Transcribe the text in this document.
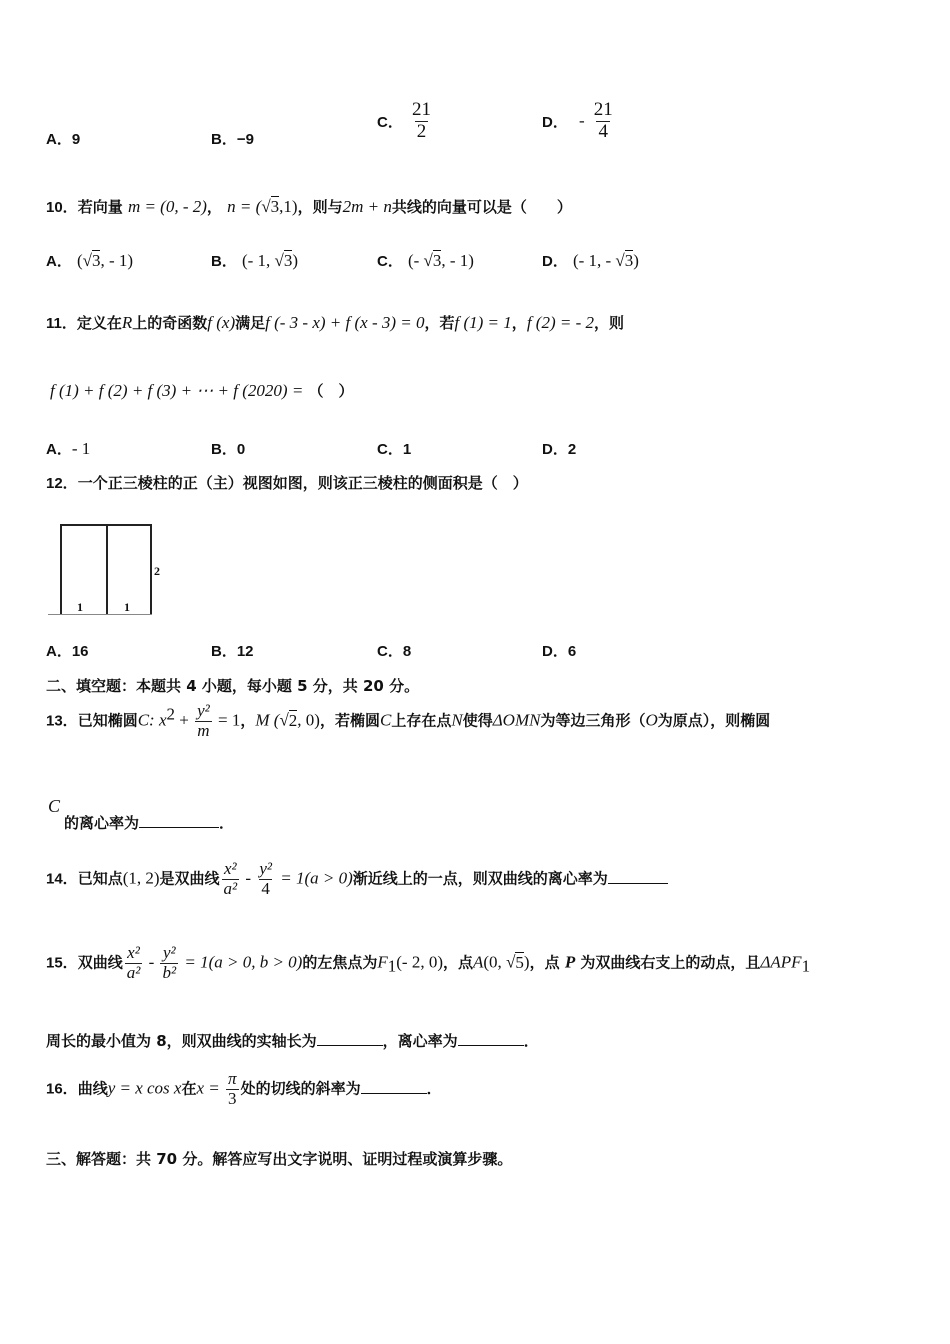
A．9	B．−9
C． $\frac{21}{2}$	D． - $\frac{21}{4}$
10．若向量 m = (0, - 2)， n = (√3,1)，则与2m + n共线的向量可以是（　　）
A． (√3, - 1)	B． (- 1, √3)	C． (- √3, - 1)	D． (- 1, - √3)
11．定义在R上的奇函数f (x)满足f (- 3 - x) + f (x - 3) = 0，若f (1) = 1，f (2) = - 2，则
f (1) + f (2) + f (3) + ⋯ + f (2020) = （　）
A．- 1	B．0	C．1	D．2
12．一个正三棱柱的正（主）视图如图，则该正三棱柱的侧面积是（　）
1	1
2
A．16	B．12	C．8	D．6
二、填空题：本题共 4 小题，每小题 5 分，共 20 分。
13．已知椭圆C: $x^2 + \frac{\text{y²}}{m} = 1$，M (√2, 0)，若椭圆C上存在点N使得ΔOMN为等边三角形（O为原点），则椭圆
C
的离心率为	．
14．已知点(1, 2)是双曲线 $\frac{\text{x²}}{\text{a²}} - \frac{\text{y²}}{4} = 1(a > 0)$渐近线上的一点，则双曲线的离心率为
15．双曲线 $\frac{\text{x²}}{\text{a²}} - \frac{\text{y²}}{\text{b²}} = 1(a > 0$, b > 0)的左焦点为$F_1(-$ 2, 0)，点A(0, √5)，点 P 为双曲线右支上的动点，且$\Delta APF_1$
周长的最小值为 8，则双曲线的实轴长为	，离心率为	．
16．曲线y = x cos x在$x = \frac{\pi}{3}$ 处的切线的斜率为	．
三、解答题：共 70 分。解答应写出文字说明、证明过程或演算步骤。
